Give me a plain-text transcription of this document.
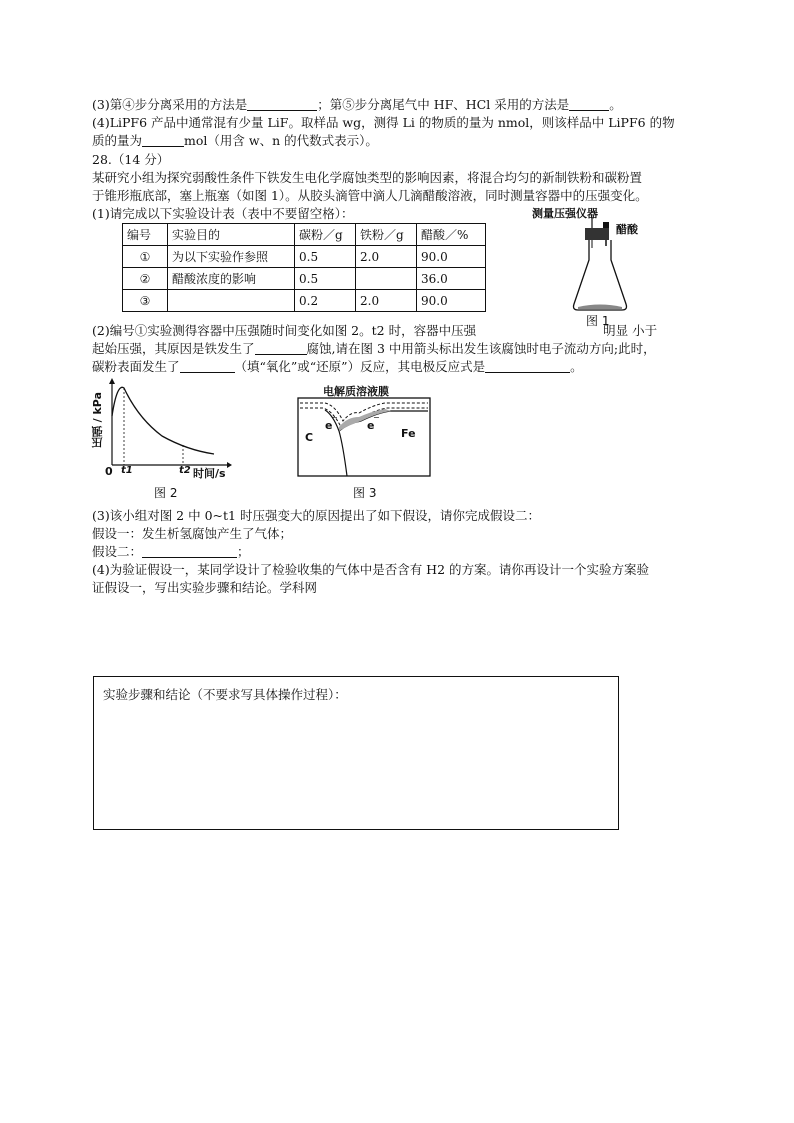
(3)第④步分离采用的方法是	；第⑤步分离尾气中 HF、HCl 采用的方法是	。
(4)LiPF6 产品中通常混有少量 LiF。取样品 wg，测得 Li 的物质的量为 nmol，则该样品中 LiPF6 的物
质的量为	mol（用含 w、n 的代数式表示）。
28.（14 分）
某研究小组为探究弱酸性条件下铁发生电化学腐蚀类型的影响因素，将混合均匀的新制铁粉和碳粉置
于锥形瓶底部，塞上瓶塞（如图 1）。从胶头滴管中滴人几滴醋酸溶液，同时测量容器中的压强变化。
(1)请完成以下实验设计表（表中不要留空格）：
编号	实验目的	碳粉／g	铁粉／g	醋酸／%
①	为以下实验作参照	0.5	2.0	90.0
②	醋酸浓度的影响	0.5		36.0
③		0.2	2.0	90.0
测量压强仪器
醋酸
图 1
(2)编号①实验测得容器中压强随时间变化如图 2。t2 时，容器中压强	明显 小于
起始压强，其原因是铁发生了	腐蚀,请在图 3 中用箭头标出发生该腐蚀时电子流动方向;此时，
碳粉表面发生了	（填“氧化”或“还原”）反应，其电极反应式是	。
压强 / kPa
0 t1	t2 时间/s
图 2
电解质溶液膜
C	Fe
e
−
e
−
图 3
(3)该小组对图 2 中 0~t1 时压强变大的原因提出了如下假设，请你完成假设二：
假设一：发生析氢腐蚀产生了气体；
假设二：	；
(4)为验证假设一，某同学设计了检验收集的气体中是否含有 H2 的方案。请你再设计一个实验方案验
证假设一，写出实验步骤和结论。学科网
实验步骤和结论（不要求写具体操作过程）：
